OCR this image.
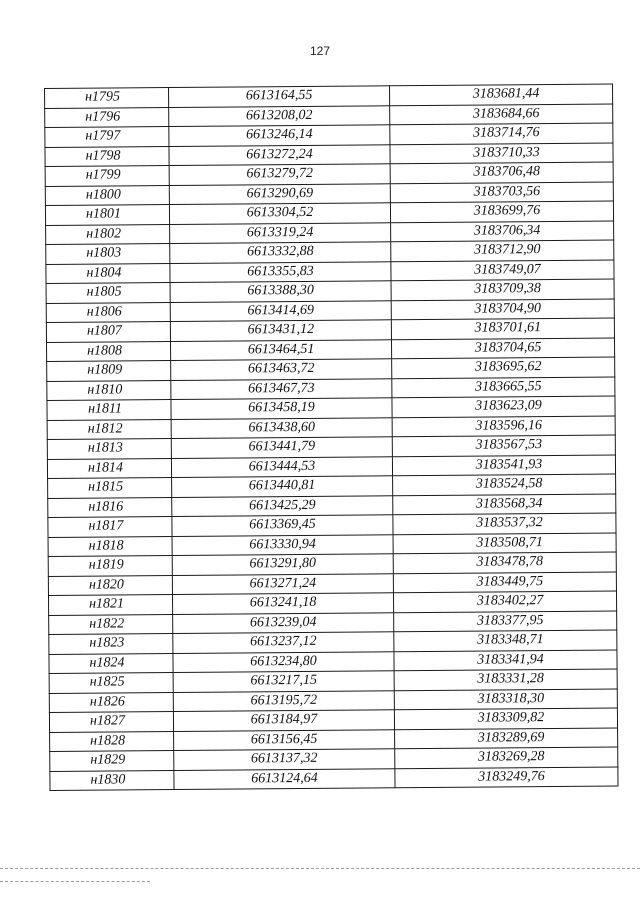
127
н1795	6613164,55	3183681,44
н1796	6613208,02	3183684,66
н1797	6613246,14	3183714,76
н1798	6613272,24	3183710,33
н1799	6613279,72	3183706,48
н1800	6613290,69	3183703,56
н1801	6613304,52	3183699,76
н1802	6613319,24	3183706,34
н1803	6613332,88	3183712,90
н1804	6613355,83	3183749,07
н1805	6613388,30	3183709,38
н1806	6613414,69	3183704,90
н1807	6613431,12	3183701,61
н1808	6613464,51	3183704,65
н1809	6613463,72	3183695,62
н1810	6613467,73	3183665,55
н1811	6613458,19	3183623,09
н1812	6613438,60	3183596,16
н1813	6613441,79	3183567,53
н1814	6613444,53	3183541,93
н1815	6613440,81	3183524,58
н1816	6613425,29	3183568,34
н1817	6613369,45	3183537,32
н1818	6613330,94	3183508,71
н1819	6613291,80	3183478,78
н1820	6613271,24	3183449,75
н1821	6613241,18	3183402,27
н1822	6613239,04	3183377,95
н1823	6613237,12	3183348,71
н1824	6613234,80	3183341,94
н1825	6613217,15	3183331,28
н1826	6613195,72	3183318,30
н1827	6613184,97	3183309,82
н1828	6613156,45	3183289,69
н1829	6613137,32	3183269,28
н1830	6613124,64	3183249,76
